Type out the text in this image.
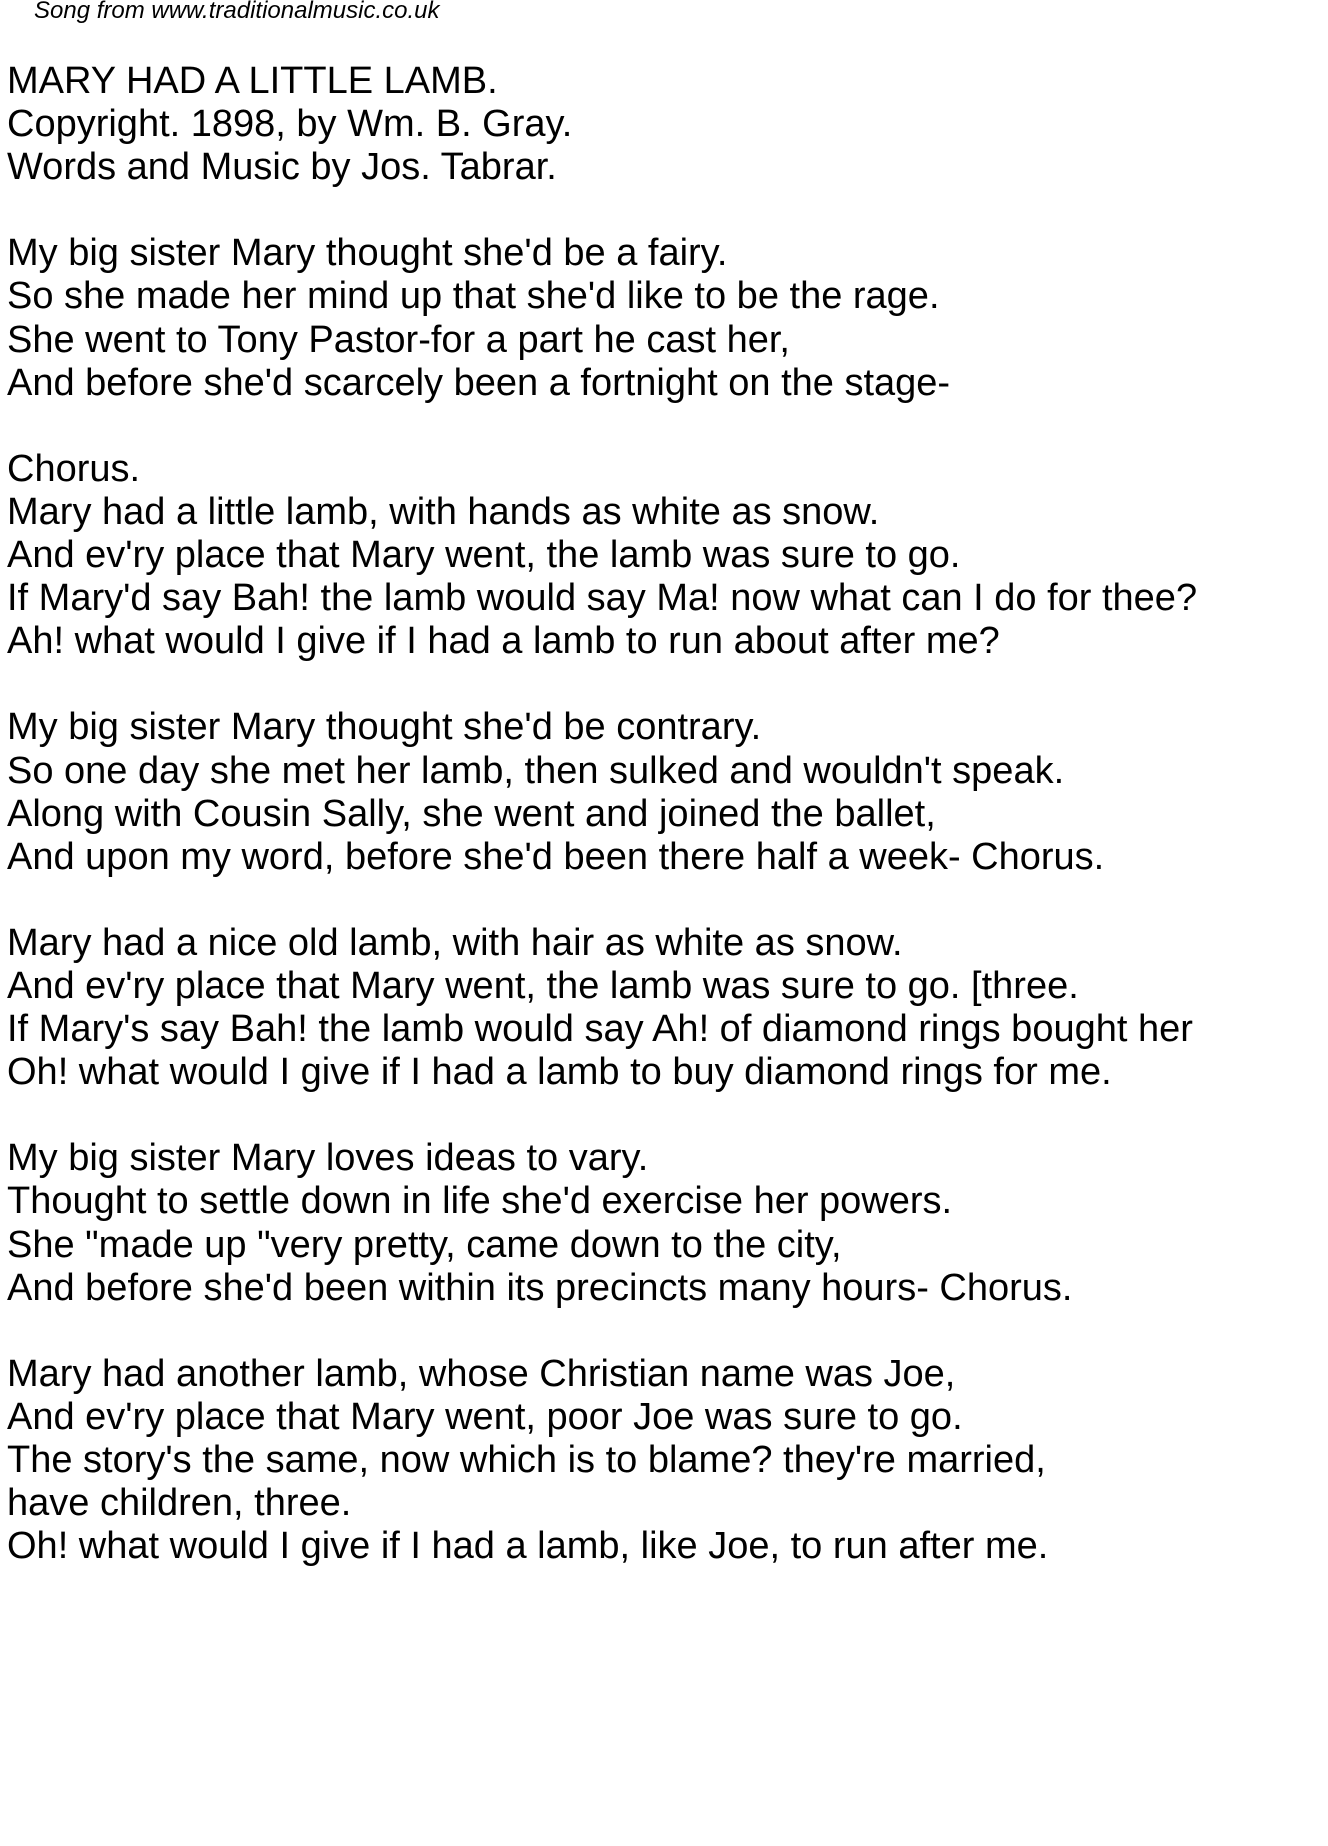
Song from www.traditionalmusic.co.uk
MARY HAD A LITTLE LAMB.
Copyright. 1898, by Wm. B. Gray.
Words and Music by Jos. Tabrar.
My big sister Mary thought she'd be a fairy.
So she made her mind up that she'd like to be the rage.
She went to Tony Pastor-for a part he cast her,
And before she'd scarcely been a fortnight on the stage-
Chorus.
Mary had a little lamb, with hands as white as snow.
And ev'ry place that Mary went, the lamb was sure to go.
If Mary'd say Bah! the lamb would say Ma! now what can I do for thee?
Ah! what would I give if I had a lamb to run about after me?
My big sister Mary thought she'd be contrary.
So one day she met her lamb, then sulked and wouldn't speak.
Along with Cousin Sally, she went and joined the ballet,
And upon my word, before she'd been there half a week- Chorus.
Mary had a nice old lamb, with hair as white as snow.
And ev'ry place that Mary went, the lamb was sure to go. [three.
If Mary's say Bah! the lamb would say Ah! of diamond rings bought her
Oh! what would I give if I had a lamb to buy diamond rings for me.
My big sister Mary loves ideas to vary.
Thought to settle down in life she'd exercise her powers.
She "made up "very pretty, came down to the city,
And before she'd been within its precincts many hours- Chorus.
Mary had another lamb, whose Christian name was Joe,
And ev'ry place that Mary went, poor Joe was sure to go.
The story's the same, now which is to blame? they're married,
have children, three.
Oh! what would I give if I had a lamb, like Joe, to run after me.
